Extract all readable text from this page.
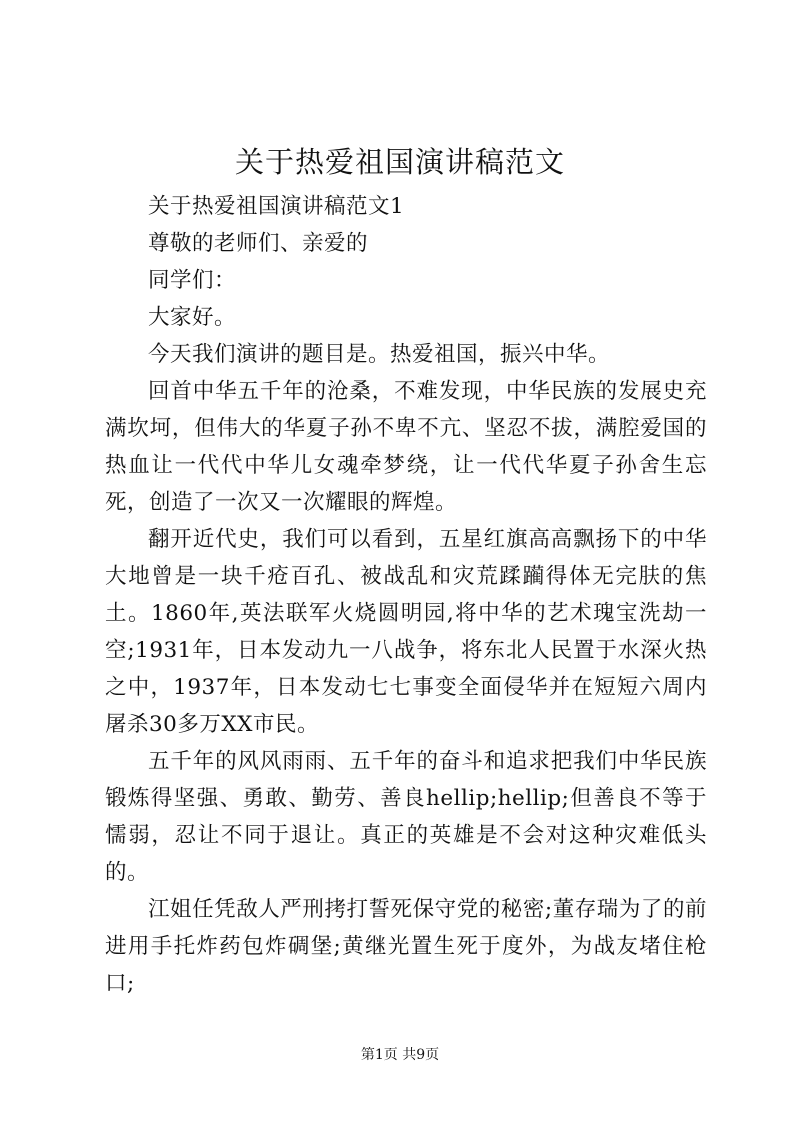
关于热爱祖国演讲稿范文

关于热爱祖国演讲稿范文1

尊敬的老师们、亲爱的

同学们：

大家好。

今天我们演讲的题目是。热爱祖国，振兴中华。

回首中华五千年的沧桑，不难发现，中华民族的发展史充满坎坷，但伟大的华夏子孙不卑不亢、坚忍不拔，满腔爱国的热血让一代代中华儿女魂牵梦绕，让一代代华夏子孙舍生忘死，创造了一次又一次耀眼的辉煌。

翻开近代史，我们可以看到，五星红旗高高飘扬下的中华大地曾是一块千疮百孔、被战乱和灾荒蹂躏得体无完肤的焦土。1860年,英法联军火烧圆明园,将中华的艺术瑰宝洗劫一空;1931年，日本发动九一八战争，将东北人民置于水深火热之中，1937年，日本发动七七事变全面侵华并在短短六周内屠杀30多万XX市民。

五千年的风风雨雨、五千年的奋斗和追求把我们中华民族锻炼得坚强、勇敢、勤劳、善良hellip;hellip;但善良不等于懦弱，忍让不同于退让。真正的英雄是不会对这种灾难低头的。

江姐任凭敌人严刑拷打誓死保守党的秘密;董存瑞为了的前进用手托炸药包炸碉堡;黄继光置生死于度外，为战友堵住枪口;

第1页 共9页
